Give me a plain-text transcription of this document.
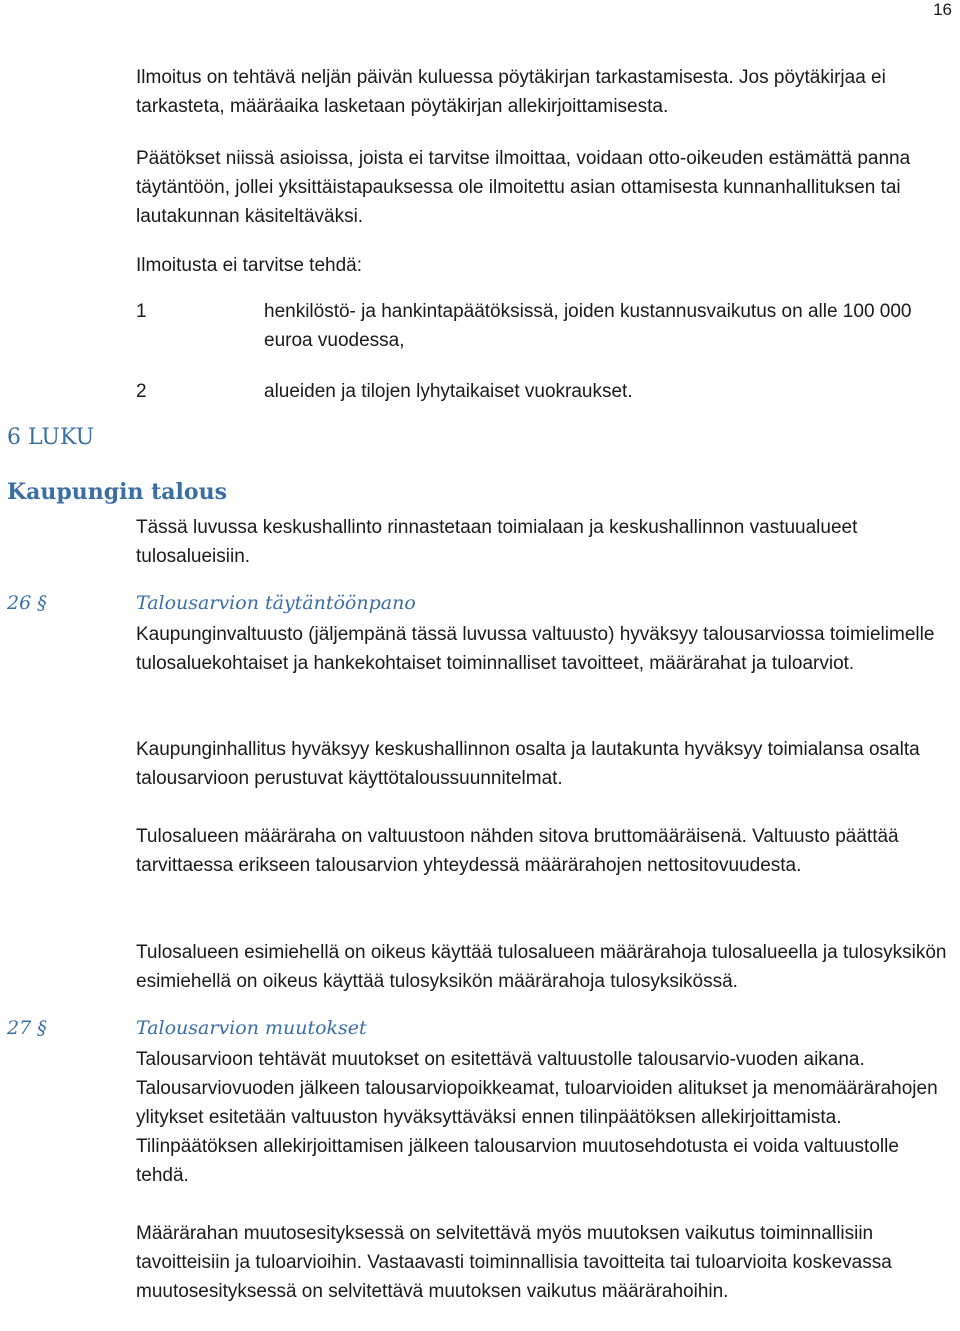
16
Ilmoitus on tehtävä neljän päivän kuluessa pöytäkirjan tarkastamisesta. Jos pöytäkirjaa ei tarkasteta, määräaika lasketaan pöytäkirjan allekirjoittamisesta.
Päätökset niissä asioissa, joista ei tarvitse ilmoittaa, voidaan otto-oikeuden estämättä panna täytäntöön, jollei yksittäistapauksessa ole ilmoitettu asian ottamisesta kunnanhallituksen tai lautakunnan käsiteltäväksi.
Ilmoitusta ei tarvitse tehdä:
1	henkilöstö- ja hankintapäätöksissä, joiden kustannusvaikutus on alle 100 000 euroa vuodessa,
2	alueiden ja tilojen lyhytaikaiset vuokraukset.
6 LUKU
Kaupungin talous
Tässä luvussa keskushallinto rinnastetaan toimialaan ja keskushallinnon vastuualueet tulosalueisiin.
26 §	Talousarvion täytäntöönpano
Kaupunginvaltuusto (jäljempänä tässä luvussa valtuusto) hyväksyy talousarviossa toimielimelle tulosaluekohtaiset ja hankekohtaiset toiminnalliset tavoitteet, määrärahat ja tuloarviot.
Kaupunginhallitus hyväksyy keskushallinnon osalta ja lautakunta hyväksyy toimialansa osalta talousarvioon perustuvat käyttötaloussuunnitelmat.
Tulosalueen määräraha on valtuustoon nähden sitova bruttomääräisenä. Valtuusto päättää tarvittaessa erikseen talousarvion yhteydessä määrärahojen nettositovuudesta.
Tulosalueen esimiehellä on oikeus käyttää tulosalueen määrärahoja tulosalueella ja tulosyksikön esimiehellä on oikeus käyttää tulosyksikön määrärahoja tulosyksikössä.
27 §	Talousarvion muutokset
Talousarvioon tehtävät muutokset on esitettävä valtuustolle talousarvio-vuoden aikana. Talousarviovuoden jälkeen talousarviopoikkeamat, tuloarvioiden alitukset ja menomäärärahojen ylitykset esitetään valtuuston hyväksyttäväksi ennen tilinpäätöksen allekirjoittamista. Tilinpäätöksen allekirjoittamisen jälkeen talousarvion muutosehdotusta ei voida valtuustolle tehdä.
Määrärahan muutosesityksessä on selvitettävä myös muutoksen vaikutus toiminnallisiin tavoitteisiin ja tuloarvioihin. Vastaavasti toiminnallisia tavoitteita tai tuloarvioita koskevassa muutosesityksessä on selvitettävä muutoksen vaikutus määrärahoihin.
